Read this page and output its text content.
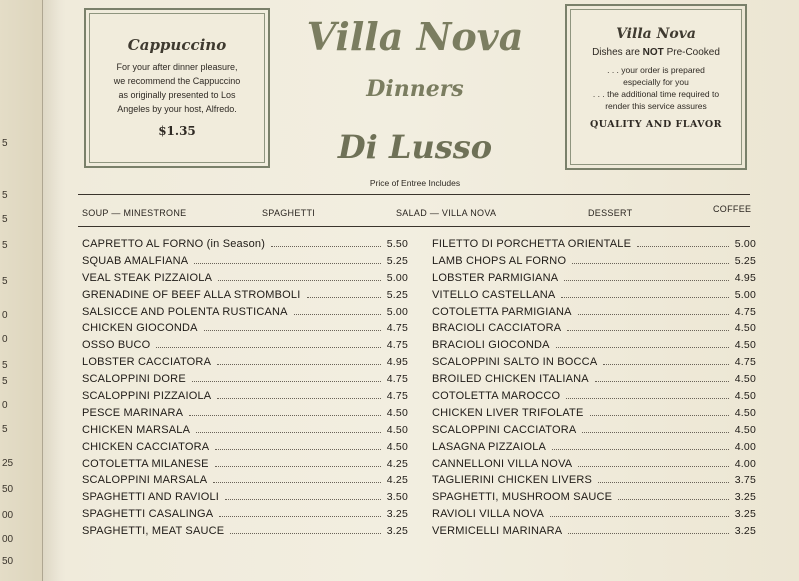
5
5
5
5
5
0
0
5
5
0
5
25
50
00
00
50
Cappuccino
For your after dinner pleasure,
we recommend the Cappuccino
as originally presented to Los
Angeles by your host, Alfredo.
$1.35
Villa Nova
Dinners
Di Lusso
Price of Entree Includes
Villa Nova
Dishes are NOT Pre-Cooked
. . . your order is prepared
especially for you
. . . the additional time required to
render this service assures
QUALITY AND FLAVOR
SOUP — MINESTRONE	SPAGHETTI	SALAD — VILLA NOVA	DESSERT	COFFEE
CAPRETTO AL FORNO (in Season)	5.50
SQUAB AMALFIANA	5.25
VEAL STEAK PIZZAIOLA	5.00
GRENADINE OF BEEF ALLA STROMBOLI	5.25
SALSICCE AND POLENTA RUSTICANA	5.00
CHICKEN GIOCONDA	4.75
OSSO BUCO	4.75
LOBSTER CACCIATORA	4.95
SCALOPPINI DORE	4.75
SCALOPPINI PIZZAIOLA	4.75
PESCE MARINARA	4.50
CHICKEN MARSALA	4.50
CHICKEN CACCIATORA	4.50
COTOLETTA MILANESE	4.25
SCALOPPINI MARSALA	4.25
SPAGHETTI AND RAVIOLI	3.50
SPAGHETTI CASALINGA	3.25
SPAGHETTI, MEAT SAUCE	3.25
FILETTO DI PORCHETTA ORIENTALE	5.00
LAMB CHOPS AL FORNO	5.25
LOBSTER PARMIGIANA	4.95
VITELLO CASTELLANA	5.00
COTOLETTA PARMIGIANA	4.75
BRACIOLI CACCIATORA	4.50
BRACIOLI GIOCONDA	4.50
SCALOPPINI SALTO IN BOCCA	4.75
BROILED CHICKEN ITALIANA	4.50
COTOLETTA MAROCCO	4.50
CHICKEN LIVER TRIFOLATE	4.50
SCALOPPINI CACCIATORA	4.50
LASAGNA PIZZAIOLA	4.00
CANNELLONI VILLA NOVA	4.00
TAGLIERINI CHICKEN LIVERS	3.75
SPAGHETTI, MUSHROOM SAUCE	3.25
RAVIOLI VILLA NOVA	3.25
VERMICELLI MARINARA	3.25
